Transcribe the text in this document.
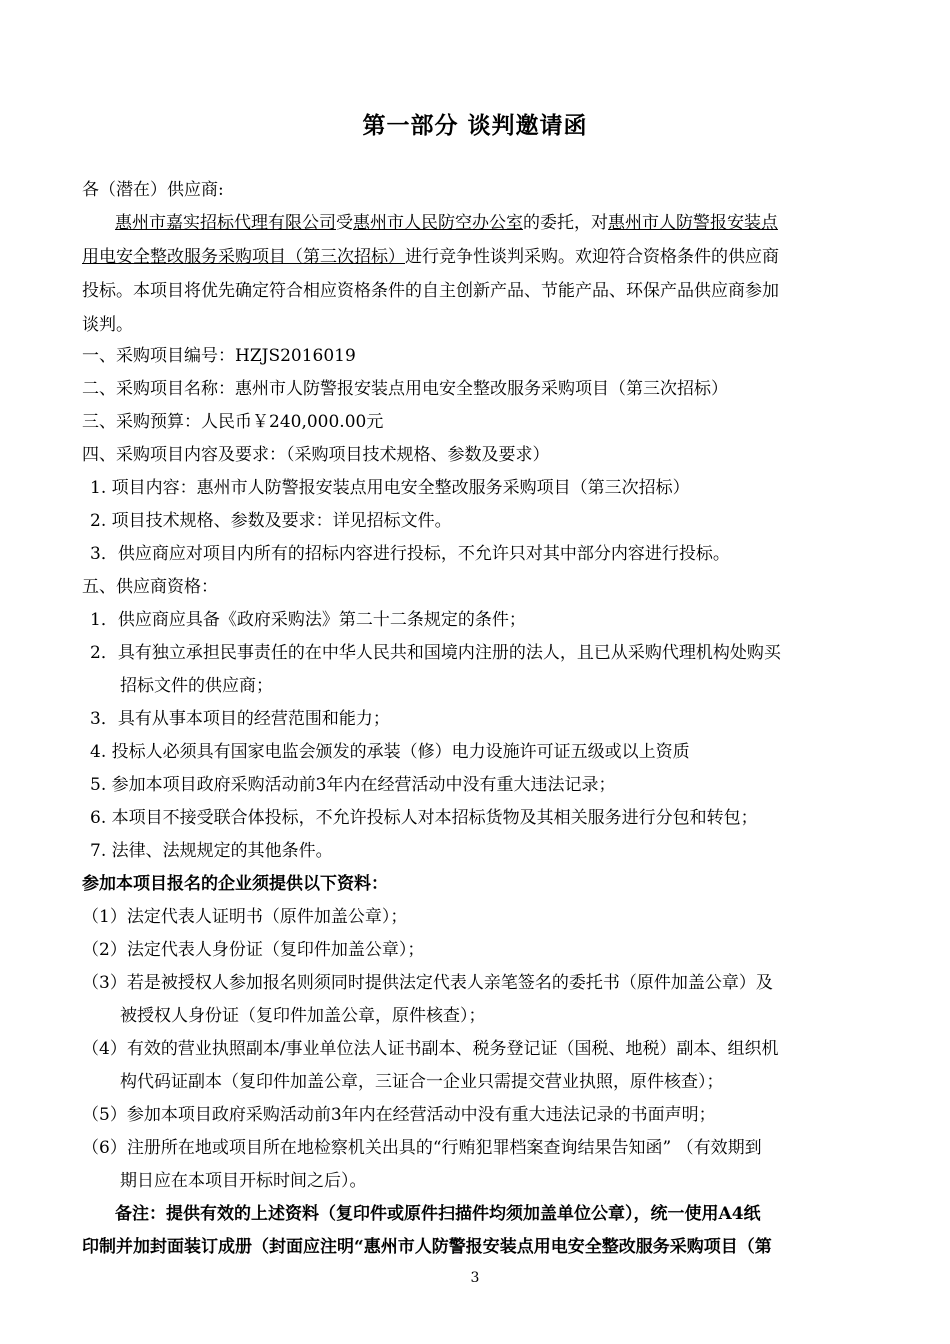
第一部分 谈判邀请函
各（潜在）供应商:
惠州市嘉实招标代理有限公司受惠州市人民防空办公室的委托，对惠州市人防警报安装点
用电安全整改服务采购项目（第三次招标）进行竞争性谈判采购。欢迎符合资格条件的供应商
投标。本项目将优先确定符合相应资格条件的自主创新产品、节能产品、环保产品供应商参加
谈判。
一、采购项目编号：HZJS2016019
二、采购项目名称：惠州市人防警报安装点用电安全整改服务采购项目（第三次招标）
三、采购预算：人民币￥240,000.00元
四、采购项目内容及要求：（采购项目技术规格、参数及要求）
1. 项目内容：惠州市人防警报安装点用电安全整改服务采购项目（第三次招标）
2. 项目技术规格、参数及要求：详见招标文件。
3．供应商应对项目内所有的招标内容进行投标，不允许只对其中部分内容进行投标。
五、供应商资格：
1．供应商应具备《政府采购法》第二十二条规定的条件；
2．具有独立承担民事责任的在中华人民共和国境内注册的法人，且已从采购代理机构处购买
招标文件的供应商；
3．具有从事本项目的经营范围和能力；
4. 投标人必须具有国家电监会颁发的承装（修）电力设施许可证五级或以上资质
5. 参加本项目政府采购活动前3年内在经营活动中没有重大违法记录；
6. 本项目不接受联合体投标，不允许投标人对本招标货物及其相关服务进行分包和转包；
7. 法律、法规规定的其他条件。
参加本项目报名的企业须提供以下资料：
（1）法定代表人证明书（原件加盖公章）；
（2）法定代表人身份证（复印件加盖公章）；
（3）若是被授权人参加报名则须同时提供法定代表人亲笔签名的委托书（原件加盖公章）及
被授权人身份证（复印件加盖公章，原件核查）；
（4）有效的营业执照副本/事业单位法人证书副本、税务登记证（国税、地税）副本、组织机
构代码证副本（复印件加盖公章，三证合一企业只需提交营业执照，原件核查）；
（5）参加本项目政府采购活动前3年内在经营活动中没有重大违法记录的书面声明；
（6）注册所在地或项目所在地检察机关出具的“行贿犯罪档案查询结果告知函” （有效期到
期日应在本项目开标时间之后）。
备注：提供有效的上述资料（复印件或原件扫描件均须加盖单位公章），统一使用A4纸
印制并加封面装订成册（封面应注明“惠州市人防警报安装点用电安全整改服务采购项目（第
3
